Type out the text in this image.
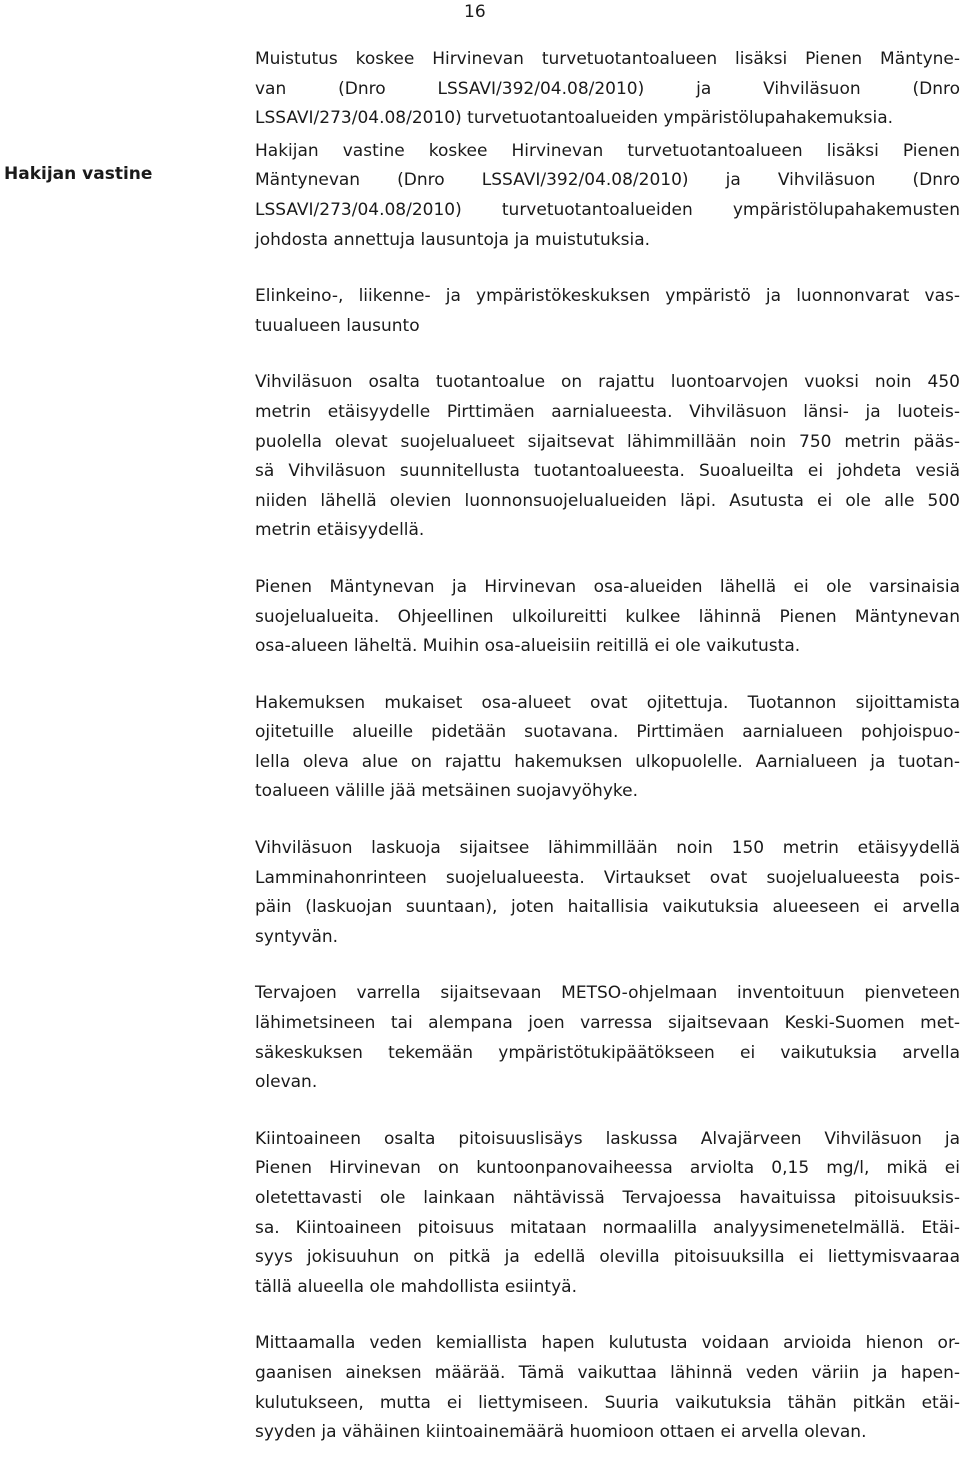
16
Hakijan vastine

Muistutus koskee Hirvinevan turvetuotantoalueen lisäksi Pienen Mäntyne-
van (Dnro LSSAVI/392/04.08/2010) ja Vihviläsuon (Dnro
LSSAVI/273/04.08/2010) turvetuotantoalueiden ympäristölupahakemuksia.

Hakijan vastine koskee Hirvinevan turvetuotantoalueen lisäksi Pienen
Mäntynevan (Dnro LSSAVI/392/04.08/2010) ja Vihviläsuon (Dnro
LSSAVI/273/04.08/2010) turvetuotantoalueiden ympäristölupahakemusten
johdosta annettuja lausuntoja ja muistutuksia.

Elinkeino-, liikenne- ja ympäristökeskuksen ympäristö ja luonnonvarat vas-
tuualueen lausunto

Vihviläsuon osalta tuotantoalue on rajattu luontoarvojen vuoksi noin 450
metrin etäisyydelle Pirttimäen aarnialueesta. Vihviläsuon länsi- ja luoteis-
puolella olevat suojelualueet sijaitsevat lähimmillään noin 750 metrin pääs-
sä Vihviläsuon suunnitellusta tuotantoalueesta. Suoalueilta ei johdeta vesiä
niiden lähellä olevien luonnonsuojelualueiden läpi. Asutusta ei ole alle 500
metrin etäisyydellä.

Pienen Mäntynevan ja Hirvinevan osa-alueiden lähellä ei ole varsinaisia
suojelualueita. Ohjeellinen ulkoilureitti kulkee lähinnä Pienen Mäntynevan
osa-alueen läheltä. Muihin osa-alueisiin reitillä ei ole vaikutusta.

Hakemuksen mukaiset osa-alueet ovat ojitettuja. Tuotannon sijoittamista
ojitetuille alueille pidetään suotavana. Pirttimäen aarnialueen pohjoispuo-
lella oleva alue on rajattu hakemuksen ulkopuolelle. Aarnialueen ja tuotan-
toalueen välille jää metsäinen suojavyöhyke.

Vihviläsuon laskuoja sijaitsee lähimmillään noin 150 metrin etäisyydellä
Lamminahonrinteen suojelualueesta. Virtaukset ovat suojelualueesta pois-
päin (laskuojan suuntaan), joten haitallisia vaikutuksia alueeseen ei arvella
syntyvän.

Tervajoen varrella sijaitsevaan METSO-ohjelmaan inventoituun pienveteen
lähimetsineen tai alempana joen varressa sijaitsevaan Keski-Suomen met-
säkeskuksen tekemään ympäristötukipäätökseen ei vaikutuksia arvella
olevan.

Kiintoaineen osalta pitoisuuslisäys laskussa Alvajärveen Vihviläsuon ja
Pienen Hirvinevan on kuntoonpanovaiheessa arviolta 0,15 mg/l, mikä ei
oletettavasti ole lainkaan nähtävissä Tervajoessa havaituissa pitoisuuksis-
sa. Kiintoaineen pitoisuus mitataan normaalilla analyysimenetelmällä. Etäi-
syys jokisuuhun on pitkä ja edellä olevilla pitoisuuksilla ei liettymisvaaraa
tällä alueella ole mahdollista esiintyä.

Mittaamalla veden kemiallista hapen kulutusta voidaan arvioida hienon or-
gaanisen aineksen määrää. Tämä vaikuttaa lähinnä veden väriin ja hapen-
kulutukseen, mutta ei liettymiseen. Suuria vaikutuksia tähän pitkän etäi-
syyden ja vähäinen kiintoainemäärä huomioon ottaen ei arvella olevan.
